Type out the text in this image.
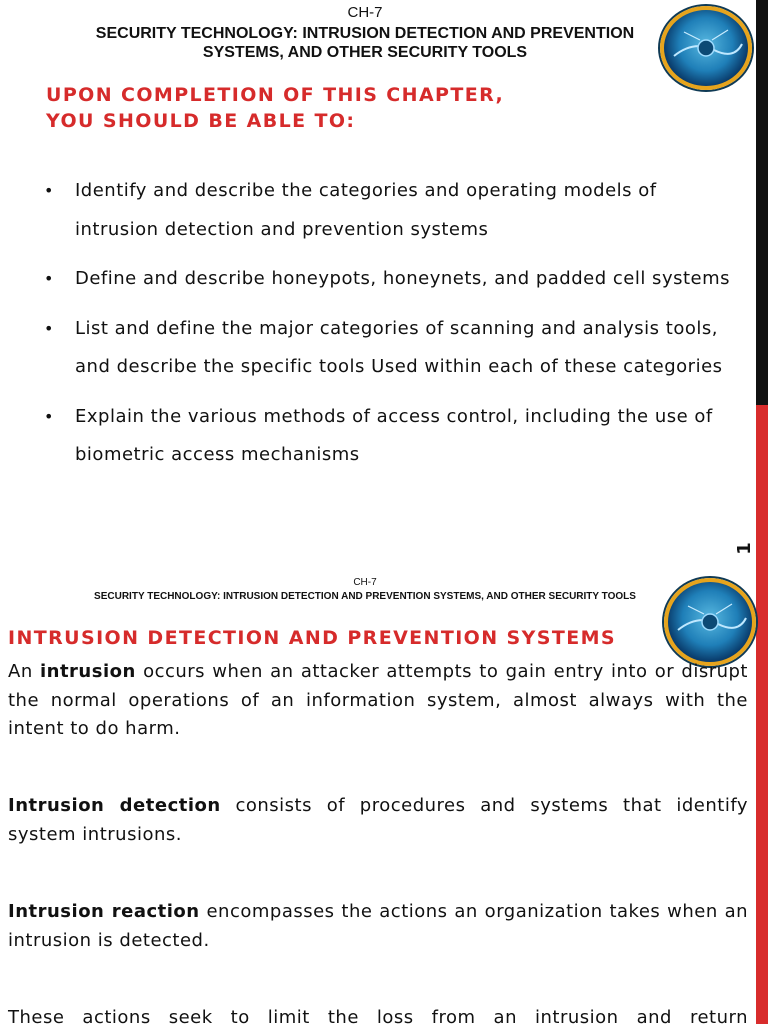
CH-7
SECURITY TECHNOLOGY: INTRUSION DETECTION AND PREVENTION SYSTEMS, AND OTHER SECURITY TOOLS
UPON COMPLETION OF THIS CHAPTER,
YOU SHOULD BE ABLE TO:
• Identify and describe the categories and operating models of intrusion detection and prevention systems
• Define and describe honeypots, honeynets, and padded cell systems
• List and define the major categories of scanning and analysis tools, and describe the specific tools Used within each of these categories
• Explain the various methods of access control, including the use of biometric access mechanisms
1
CH-7
SECURITY TECHNOLOGY: INTRUSION DETECTION AND PREVENTION SYSTEMS, AND OTHER SECURITY TOOLS
INTRUSION DETECTION AND PREVENTION SYSTEMS

An intrusion occurs when an attacker attempts to gain entry into or disrupt the normal operations of an information system, almost always with the intent to do harm.

Intrusion detection consists of procedures and systems that identify system intrusions.

Intrusion reaction encompasses the actions an organization takes when an intrusion is detected.

These actions seek to limit the loss from an intrusion and return
